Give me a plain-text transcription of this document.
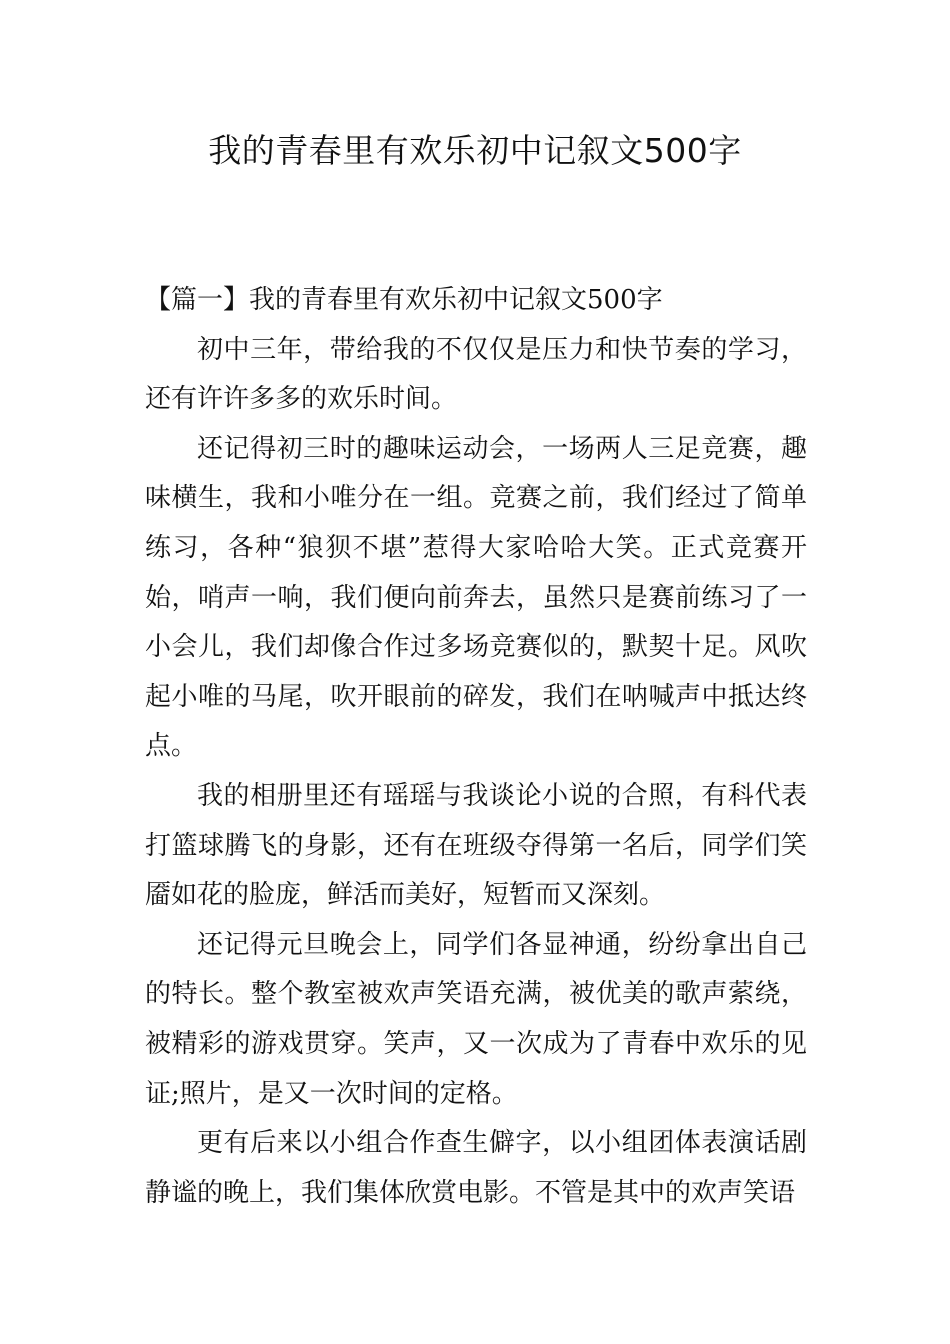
我的青春里有欢乐初中记叙文500字

【篇一】我的青春里有欢乐初中记叙文500字

初中三年，带给我的不仅仅是压力和快节奏的学习，还有许许多多的欢乐时间。

还记得初三时的趣味运动会，一场两人三足竞赛，趣味横生，我和小唯分在一组。竞赛之前，我们经过了简单练习，各种“狼狈不堪”惹得大家哈哈大笑。正式竞赛开始，哨声一响，我们便向前奔去，虽然只是赛前练习了一小会儿，我们却像合作过多场竞赛似的，默契十足。风吹起小唯的马尾，吹开眼前的碎发，我们在呐喊声中抵达终点。

我的相册里还有瑶瑶与我谈论小说的合照，有科代表打篮球腾飞的身影，还有在班级夺得第一名后，同学们笑靥如花的脸庞，鲜活而美好，短暂而又深刻。

还记得元旦晚会上，同学们各显神通，纷纷拿出自己的特长。整个教室被欢声笑语充满，被优美的歌声萦绕，被精彩的游戏贯穿。笑声，又一次成为了青春中欢乐的见证;照片，是又一次时间的定格。

更有后来以小组合作查生僻字，以小组团体表演话剧静谧的晚上，我们集体欣赏电影。不管是其中的欢声笑语
